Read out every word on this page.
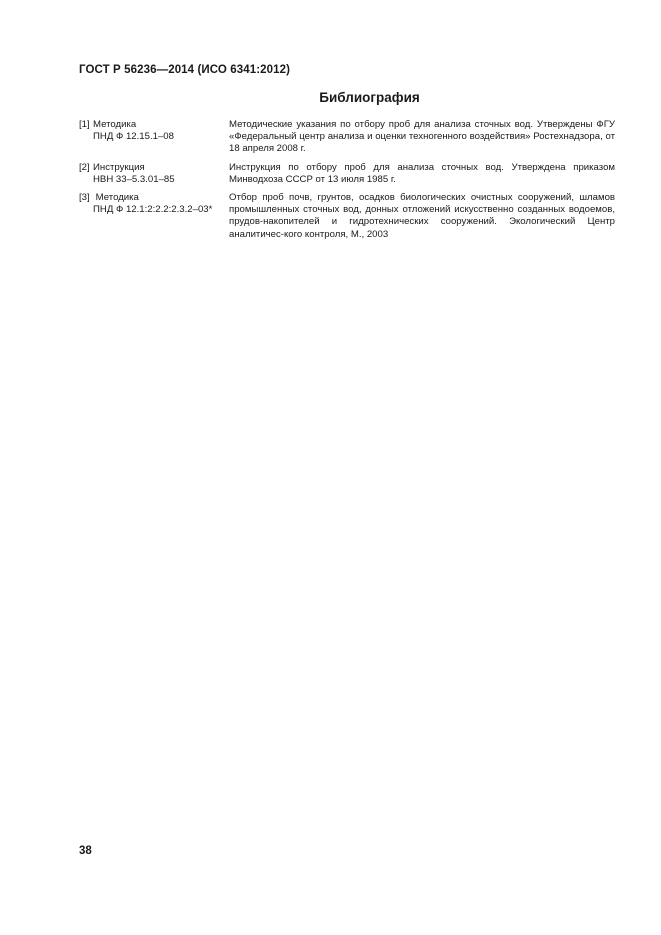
ГОСТ Р 56236—2014 (ИСО 6341:2012)
Библиография
[1] Методика
ПНД Ф 12.15.1–08
Методические указания по отбору проб для анализа сточных вод. Утверждены ФГУ «Федеральный центр анализа и оценки техногенного воздействия» Ростехнадзора, от 18 апреля 2008 г.
[2] Инструкция
НВН 33–5.3.01–85
Инструкция по отбору проб для анализа сточных вод. Утверждена приказом Минводхоза СССР от 13 июля 1985 г.
[3] Методика
ПНД Ф 12.1:2:2.2:2.3.2–03*
Отбор проб почв, грунтов, осадков биологических очистных сооружений, шламов промышленных сточных вод, донных отложений искусственно созданных водоемов, прудов-накопителей и гидротехнических сооружений. Экологический Центр аналитичес-кого контроля, М., 2003
38
